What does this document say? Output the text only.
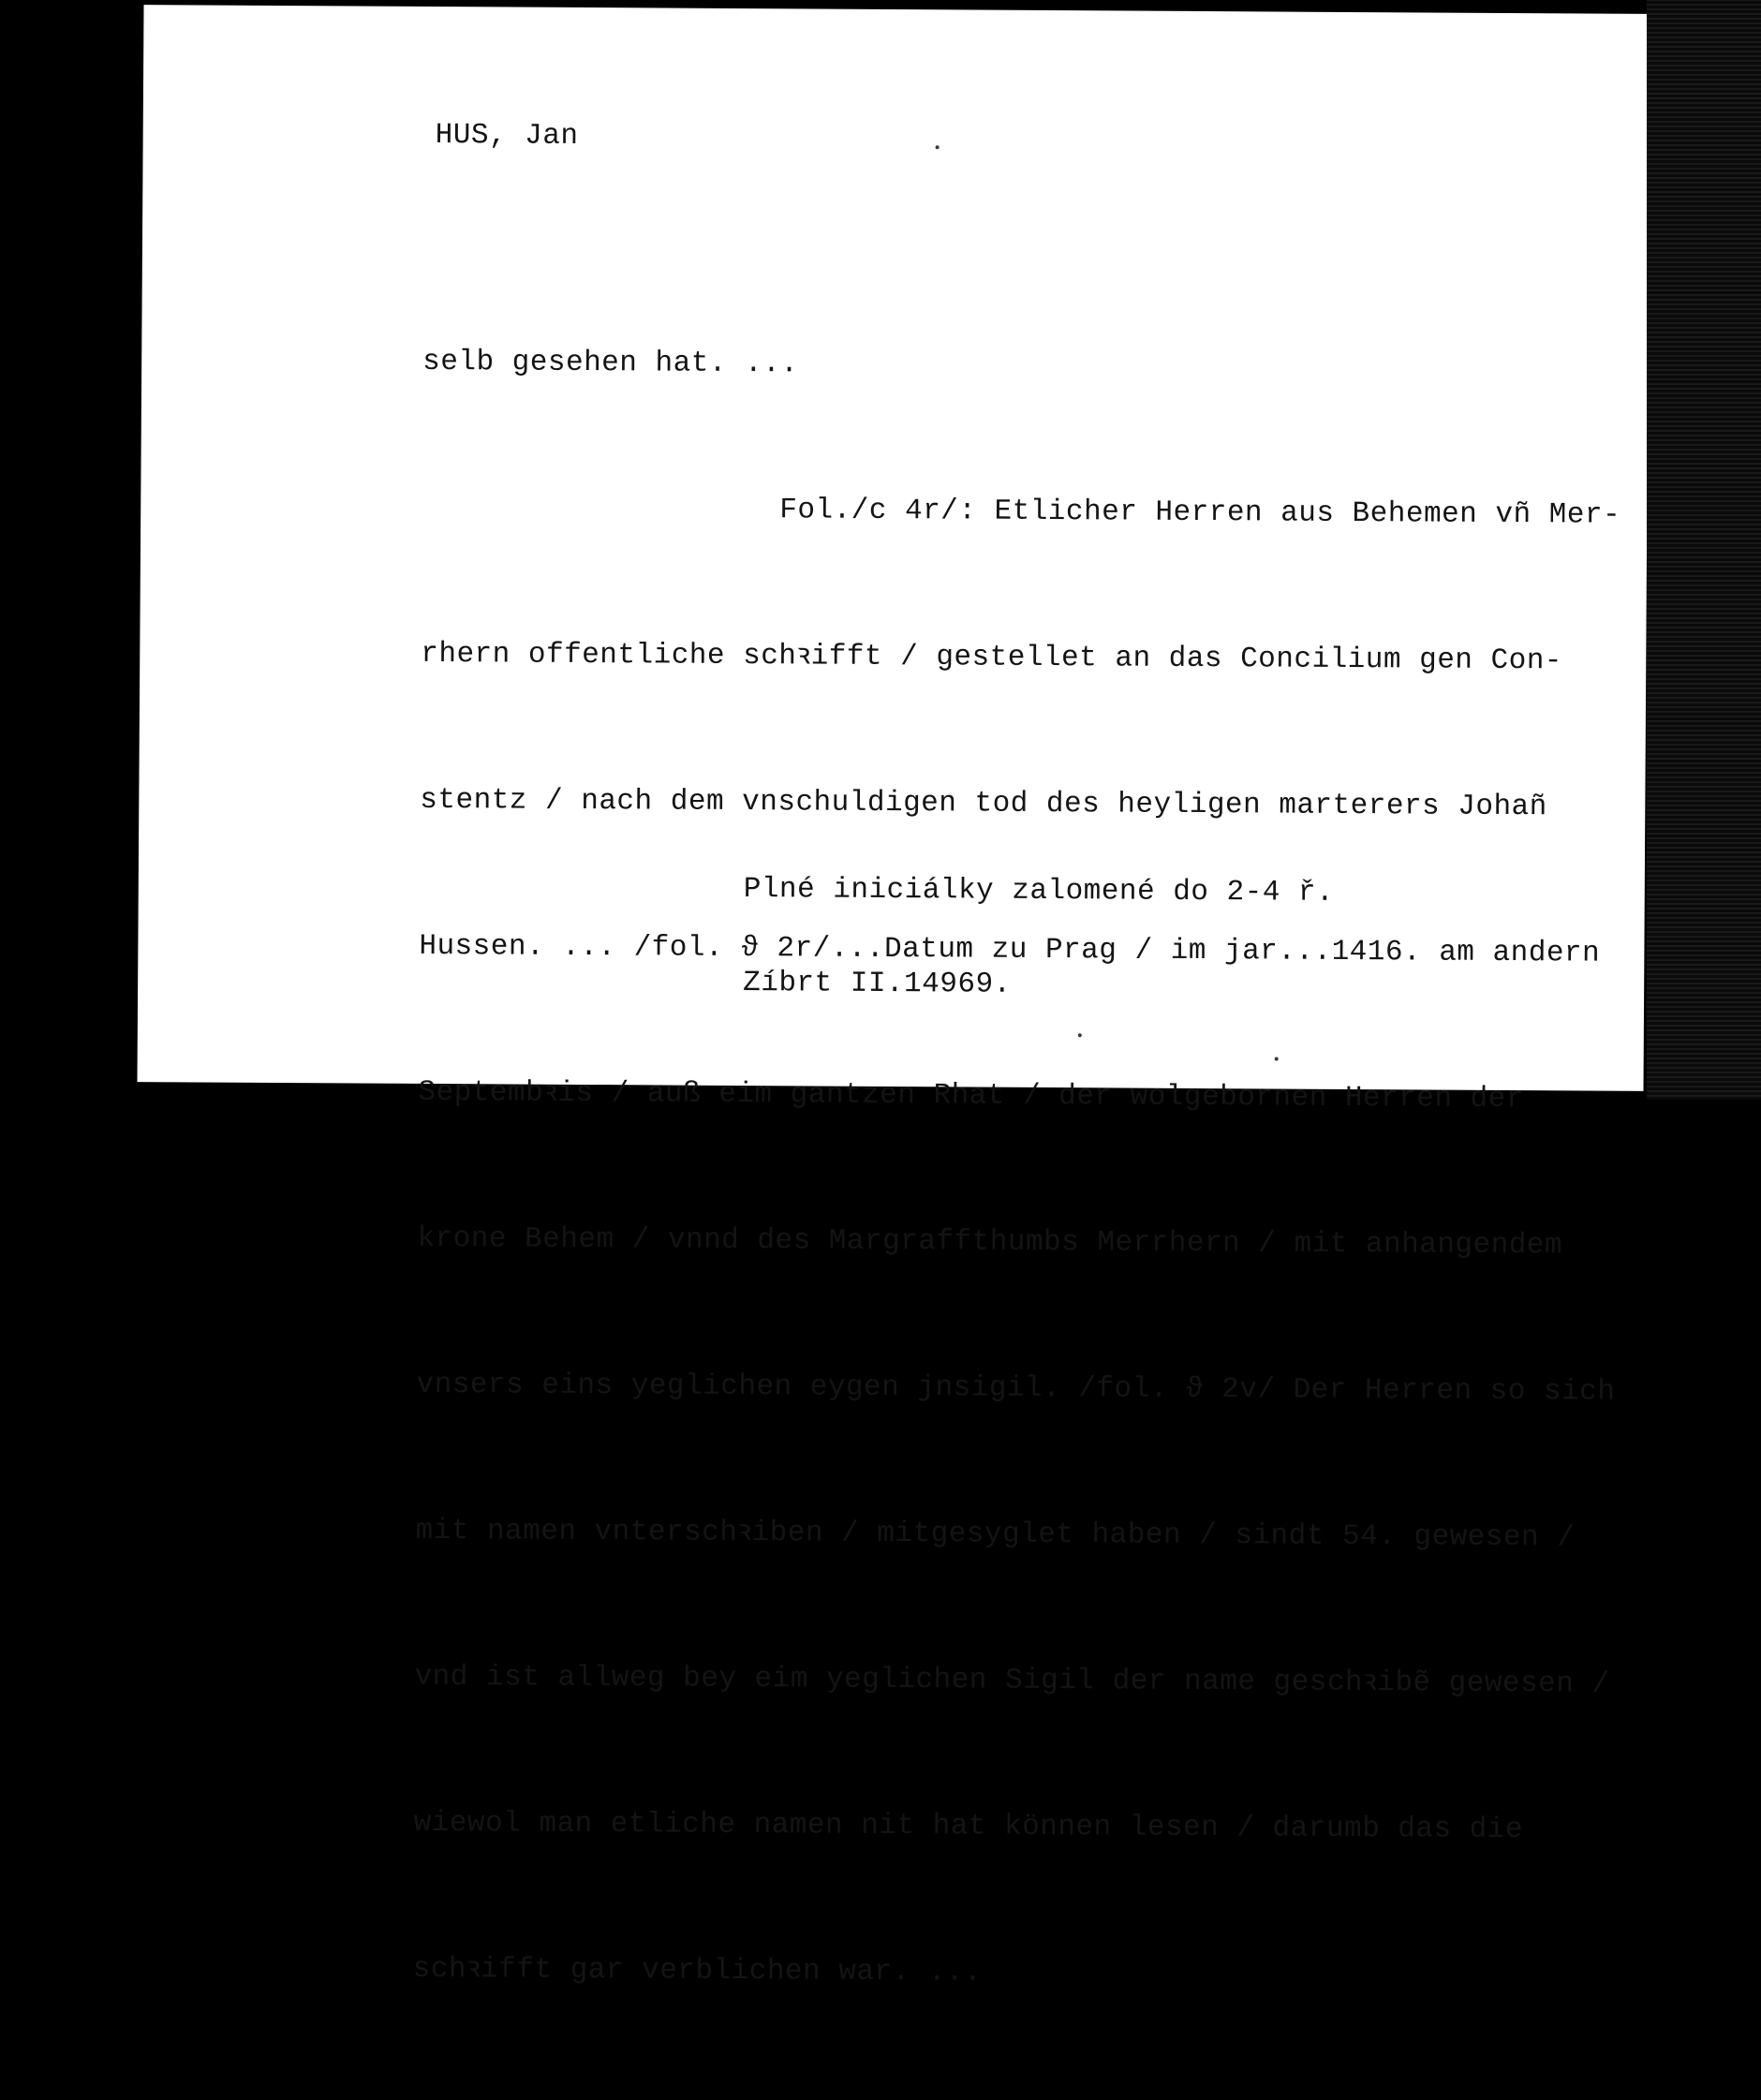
HUS, Jan

selb gesehen hat. ...

Fol./c 4r/: Etlicher Herren aus Behemen vñ Mer-

rhern offentliche schꝛifft / gestellet an das Concilium gen Con-

stentz / nach dem vnschuldigen tod des heyligen marterers Johañ

Hussen. ... /fol. ϑ 2r/...Datum zu Prag / im jar...1416. am andern

Septembꝛis / auß eim gantzen Rhat / der wolgebornen Herren der

krone Behem / vnnd des Margraffthumbs Merrhern / mit anhangendem

vnsers eins yeglichen eygen jnsigil. /fol. ϑ 2v/ Der Herren so sich

mit namen vnterschꝛiben / mitgesyglet haben / sindt 54. gewesen /

vnd ist allweg bey eim yeglichen Sigil der name geschꝛibẽ gewesen /

wiewol man etliche namen nit hat können lesen / darumb das die

schꝛifft gar verblichen war. ...

Plné iniciálky zalomené do 2-4 ř.
Zíbrt II.14969.
